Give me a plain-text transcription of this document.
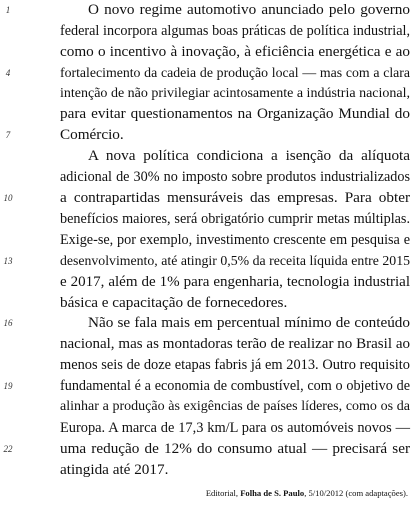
1
4
7
10
13
16
19
22
O novo regime automotivo anunciado pelo governo
federal incorpora algumas boas práticas de política industrial,
como o incentivo à inovação, à eficiência energética e ao
fortalecimento da cadeia de produção local — mas com a clara
intenção de não privilegiar acintosamente a indústria nacional,
para evitar questionamentos na Organização Mundial do
Comércio.
A nova política condiciona a isenção da alíquota
adicional de 30% no imposto sobre produtos industrializados
a contrapartidas mensuráveis das empresas. Para obter
benefícios maiores, será obrigatório cumprir metas múltiplas.
Exige-se, por exemplo, investimento crescente em pesquisa e
desenvolvimento, até atingir 0,5% da receita líquida entre 2015
e 2017, além de 1% para engenharia, tecnologia industrial
básica e capacitação de fornecedores.
Não se fala mais em percentual mínimo de conteúdo
nacional, mas as montadoras terão de realizar no Brasil ao
menos seis de doze etapas fabris já em 2013. Outro requisito
fundamental é a economia de combustível, com o objetivo de
alinhar a produção às exigências de países líderes, como os da
Europa. A marca de 17,3 km/L para os automóveis novos —
uma redução de 12% do consumo atual — precisará ser
atingida até 2017.
Editorial, Folha de S. Paulo, 5/10/2012 (com adaptações).
